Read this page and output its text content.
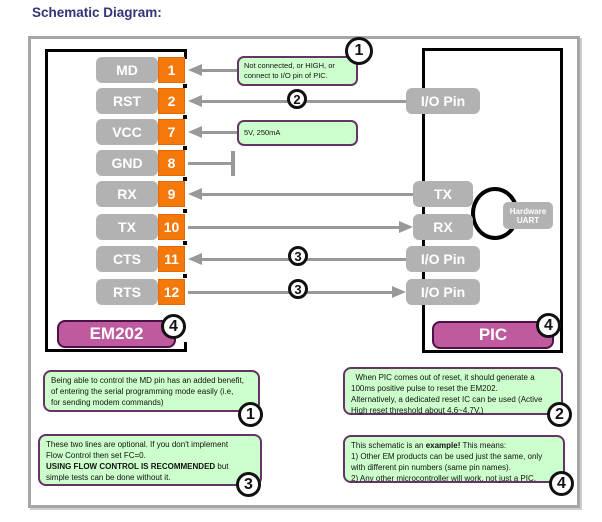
Schematic Diagram:
MD
RST
VCC
GND
RX
TX
CTS
RTS
1
2
7
8
9
10
11
12
Hardware
UART
I/O Pin
TX
RX
I/O Pin
I/O Pin
EM202	PIC
Not connected, or HIGH, or
connect to I/O pin of PIC.
5V, 250mA
Being able to control the MD pin has an added benefit,
of entering the serial programming mode easily (i.e,
for sending modem commands)
When PIC comes out of reset, it should generate a
100ms positive pulse to reset the EM202.
Alternatively, a dedicated reset IC can be used (Active
High reset threshold about 4.6~4.7V.)
These two lines are optional. If you don't implement
Flow Control then set FC=0.
USING FLOW CONTROL IS RECOMMENDED but
simple tests can be done without it.
This schematic is an example! This means:
1) Other EM products can be used just the same, only
with different pin numbers (same pin names).
2) Any other microcontroller will work, not just a PIC.
1
2
3
3
4	4
1	2
3	4
